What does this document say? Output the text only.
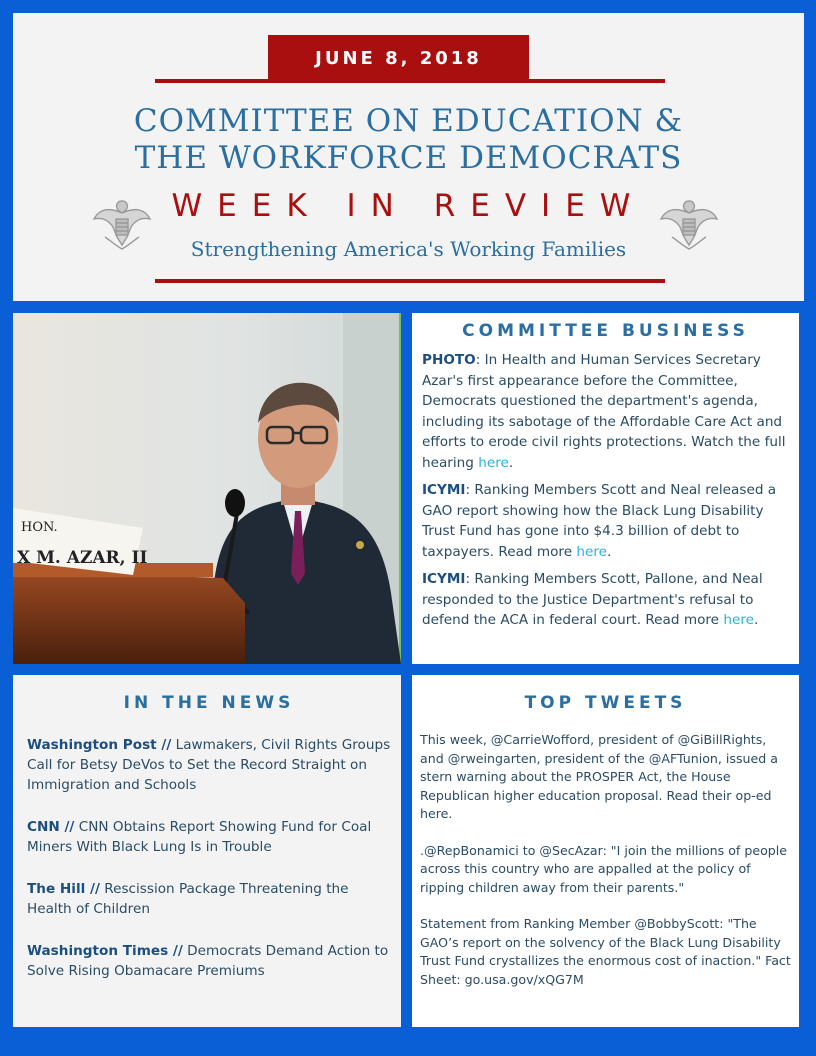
JUNE 8, 2018
COMMITTEE ON EDUCATION &
THE WORKFORCE DEMOCRATS
WEEK IN REVIEW
Strengthening America's Working Families
HON.
X M. AZAR, II
COMMITTEE BUSINESS

PHOTO: In Health and Human Services Secretary Azar's first appearance before the Committee, Democrats questioned the department's agenda, including its sabotage of the Affordable Care Act and efforts to erode civil rights protections. Watch the full hearing here.

ICYMI: Ranking Members Scott and Neal released a GAO report showing how the Black Lung Disability Trust Fund has gone into $4.3 billion of debt to taxpayers. Read more here.

ICYMI: Ranking Members Scott, Pallone, and Neal responded to the Justice Department's refusal to defend the ACA in federal court. Read more here.

IN THE NEWS
Washington Post // Lawmakers, Civil Rights Groups Call for Betsy DeVos to Set the Record Straight on Immigration and Schools
CNN // CNN Obtains Report Showing Fund for Coal Miners With Black Lung Is in Trouble
The Hill // Rescission Package Threatening the Health of Children
Washington Times // Democrats Demand Action to Solve Rising Obamacare Premiums
TOP TWEETS
This week, @CarrieWofford, president of @GiBillRights, and @rweingarten, president of the @AFTunion, issued a stern warning about the PROSPER Act, the House Republican higher education proposal. Read their op-ed here.
.@RepBonamici to @SecAzar: "I join the millions of people across this country who are appalled at the policy of ripping children away from their parents."
Statement from Ranking Member @BobbyScott: "The GAO’s report on the solvency of the Black Lung Disability Trust Fund crystallizes the enormous cost of inaction." Fact Sheet: go.usa.gov/xQG7M
